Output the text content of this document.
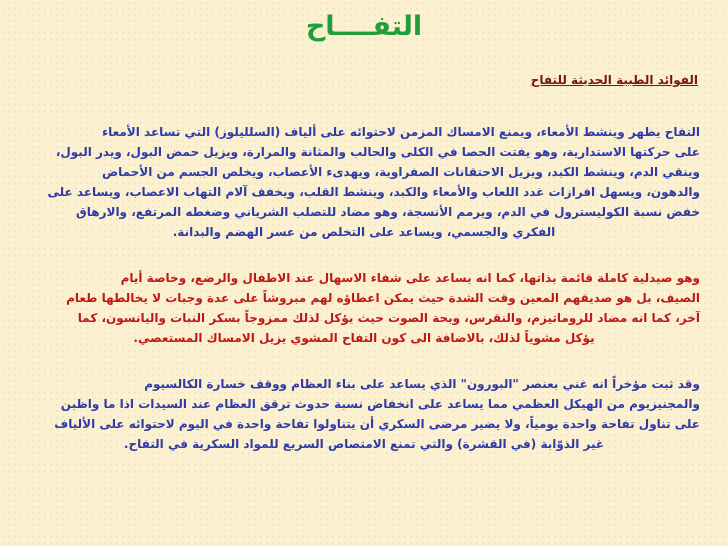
التفــــاح
الفوائد الطبية الحديثة للتفاح
التفاح يطهر وينشط الأمعاء، ويمنع الامساك المزمن لاحتوائه على ألياف (السلليلوز) التي تساعد الأمعاء
على حركتها الاستدارية، وهو يفتت الحصا في الكلى والحالب والمثانة والمرارة، ويزيل حمض البول، ويدر البول،
وينقي الدم، وينشط الكبد، ويزيل الاحتقانات الصفراوية، ويهدىء الأعصاب، ويخلص الجسم من الأحماض
والدهون، ويسهل افرازات غدد اللعاب والأمعاء والكبد، وينشط القلب، ويخفف آلام التهاب الاعصاب، ويساعد على
خفض نسبة الكوليسترول في الدم، ويرمم الأنسجة، وهو مضاد للتصلب الشرياني وضغطه المرتفع، والارهاق
الفكري والجسمي، ويساعد على التخلص من عسر الهضم والبدانة.
وهو صيدلية كاملة قائمة بذاتها، كما انه يساعد على شفاء الاسهال عند الاطفال والرضع، وخاصة أيام
الصيف، بل هو صديقهم المعين وقت الشدة حيث يمكن اعطاؤه لهم مبروشاً على عدة وجبات لا يخالطها طعام
آخر، كما انه مضاد للروماتيزم، والنقرس، وبحة الصوت حيث يؤكل لذلك ممزوجاً بسكر النبات واليانسون، كما
يؤكل مشوياً لذلك، بالاضافة الى كون التفاح المشوي يزيل الامساك المستعصي.
وقد ثبت مؤخراً انه غني بعنصر "البورون" الذي يساعد على بناء العظام ووقف خسارة الكالسيوم
والمجنيزيوم من الهيكل العظمي مما يساعد على انخفاض نسبة حدوث ترقق العظام عند السيدات اذا ما واظبن
على تناول تفاحة واحدة يومياً، ولا يضير مرضى السكري أن يتناولوا تفاحة واحدة في اليوم لاحتوائه على الألياف
غير الذوّابة (في القشرة) والتي تمنع الامتصاص السريع للمواد السكرية في التفاح.
